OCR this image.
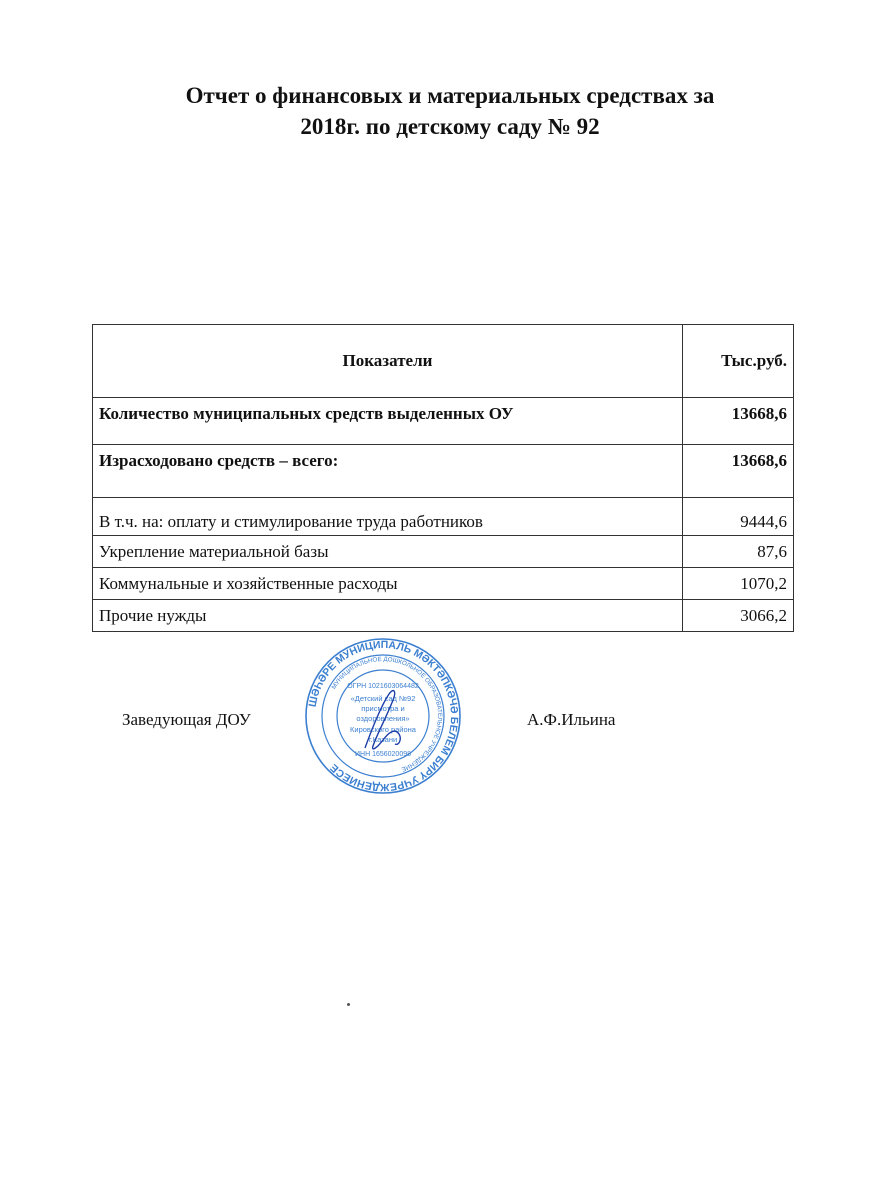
Отчет о финансовых и материальных средствах за
2018г. по детскому саду № 92
Показатели	Тыс.руб.
Количество муниципальных средств выделенных ОУ	13668,6
Израсходовано средств – всего:	13668,6
В т.ч. на: оплату и стимулирование труда работников	9444,6
Укрепление материальной базы	87,6
Коммунальные и хозяйственные расходы	1070,2
Прочие нужды	3066,2
Заведующая ДОУ	А.Ф.Ильина
ШӘҺӘРЕ МУНИЦИПАЛЬ МӘКТӘПКӘЧӘ БЕЛЕМ БИРҮ УЧРЕЖДЕНИЕСЕ
МУНИЦИПАЛЬНОЕ ДОШКОЛЬНОЕ ОБРАЗОВАТЕЛЬНОЕ УЧРЕЖДЕНИЕ
ОГРН 1021603064482
«Детский сад №92
присмотра и
оздоровления»
Кировского района
г.Казани
ИНН 1656020098
